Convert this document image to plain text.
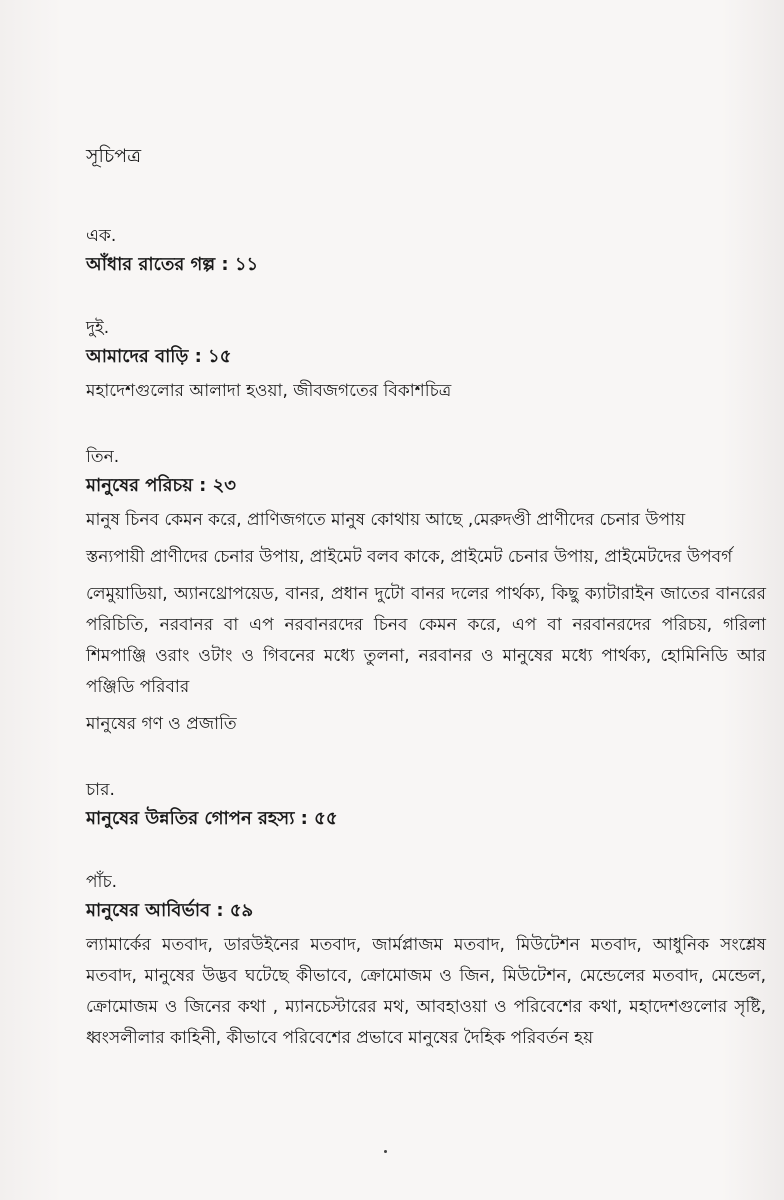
সূচিপত্র
এক.
আঁধার রাতের গল্প : ১১
দুই.
আমাদের বাড়ি : ১৫
মহাদেশগুলোর আলাদা হওয়া, জীবজগতের বিকাশচিত্র
তিন.
মানুষের পরিচয় : ২৩
মানুষ চিনব কেমন করে, প্রাণিজগতে মানুষ কোথায় আছে ,মেরুদণ্ডী প্রাণীদের চেনার উপায়
স্তন্যপায়ী প্রাণীদের চেনার উপায়, প্রাইমেট বলব কাকে, প্রাইমেট চেনার উপায়, প্রাইমেটদের উপবর্গ
লেমুয়াডিয়া, অ্যানথ্রোপয়েড, বানর, প্রধান দুটো বানর দলের পার্থক্য, কিছু ক্যাটারাইন জাতের বানরের পরিচিতি, নরবানর বা এপ নরবানরদের চিনব কেমন করে, এপ বা নরবানরদের পরিচয়, গরিলা শিমপাঞ্জি ওরাং ওটাং ও গিবনের মধ্যে তুলনা, নরবানর ও মানুষের মধ্যে পার্থক্য, হোমিনিডি আর পঞ্জিডি পরিবার
মানুষের গণ ও প্রজাতি
চার.
মানুষের উন্নতির গোপন রহস্য : ৫৫
পাঁচ.
মানুষের আবির্ভাব : ৫৯
ল্যামার্কের মতবাদ, ডারউইনের মতবাদ, জার্মপ্লাজম মতবাদ, মিউটেশন মতবাদ, আধুনিক সংশ্লেষ মতবাদ, মানুষের উদ্ভব ঘটেছে কীভাবে, ক্রোমোজম ও জিন, মিউটেশন, মেন্ডেলের মতবাদ, মেন্ডেল, ক্রোমোজম ও জিনের কথা , ম্যানচেস্টারের মথ, আবহাওয়া ও পরিবেশের কথা, মহাদেশগুলোর সৃষ্টি, ধ্বংসলীলার কাহিনী, কীভাবে পরিবেশের প্রভাবে মানুষের দৈহিক পরিবর্তন হয়
